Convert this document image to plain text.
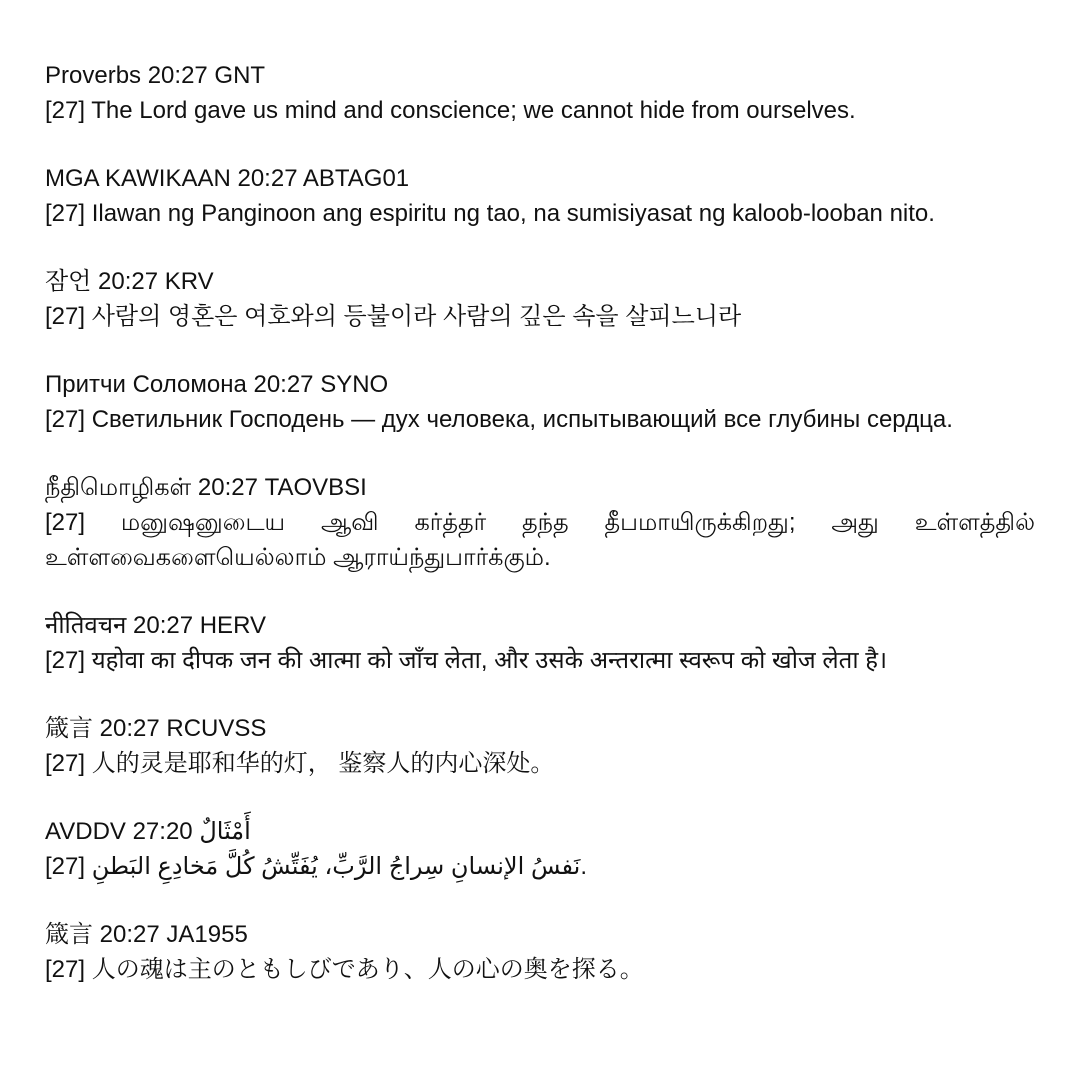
Proverbs 20:27 GNT
[27] The Lord gave us mind and conscience; we cannot hide from ourselves.
MGA KAWIKAAN 20:27 ABTAG01
[27] Ilawan ng Panginoon ang espiritu ng tao, na sumisiyasat ng kaloob-looban nito.
잠언 20:27 KRV
[27] 사람의 영혼은 여호와의 등불이라 사람의 깊은 속을 살피느니라
Притчи Соломона 20:27 SYNO
[27] Светильник Господень — дух человека, испытывающий все глубины сердца.
நீதிமொழிகள் 20:27 TAOVBSI
[27] மனுஷனுடைய ஆவி கர்த்தர் தந்த தீபமாயிருக்கிறது; அது உள்ளத்தில் உள்ளவைகளையெல்லாம் ஆராய்ந்துபார்க்கும்.
नीतिवचन 20:27 HERV
[27] यहोवा का दीपक जन की आत्मा को जाँच लेता, और उसके अन्तरात्मा स्वरूप को खोज लेता है।
箴言 20:27 RCUVSS
[27] 人的灵是耶和华的灯， 鉴察人的内心深处。
AVDDV 27:20 أَمْثَالٌ
[27] نَفسُ الإنسانِ سِراجُ الرَّبِّ، يُفَتِّشُ كُلَّ مَخادِعِ البَطنِ.
箴言 20:27 JA1955
[27] 人の魂は主のともしびであり、人の心の奥を探る。
